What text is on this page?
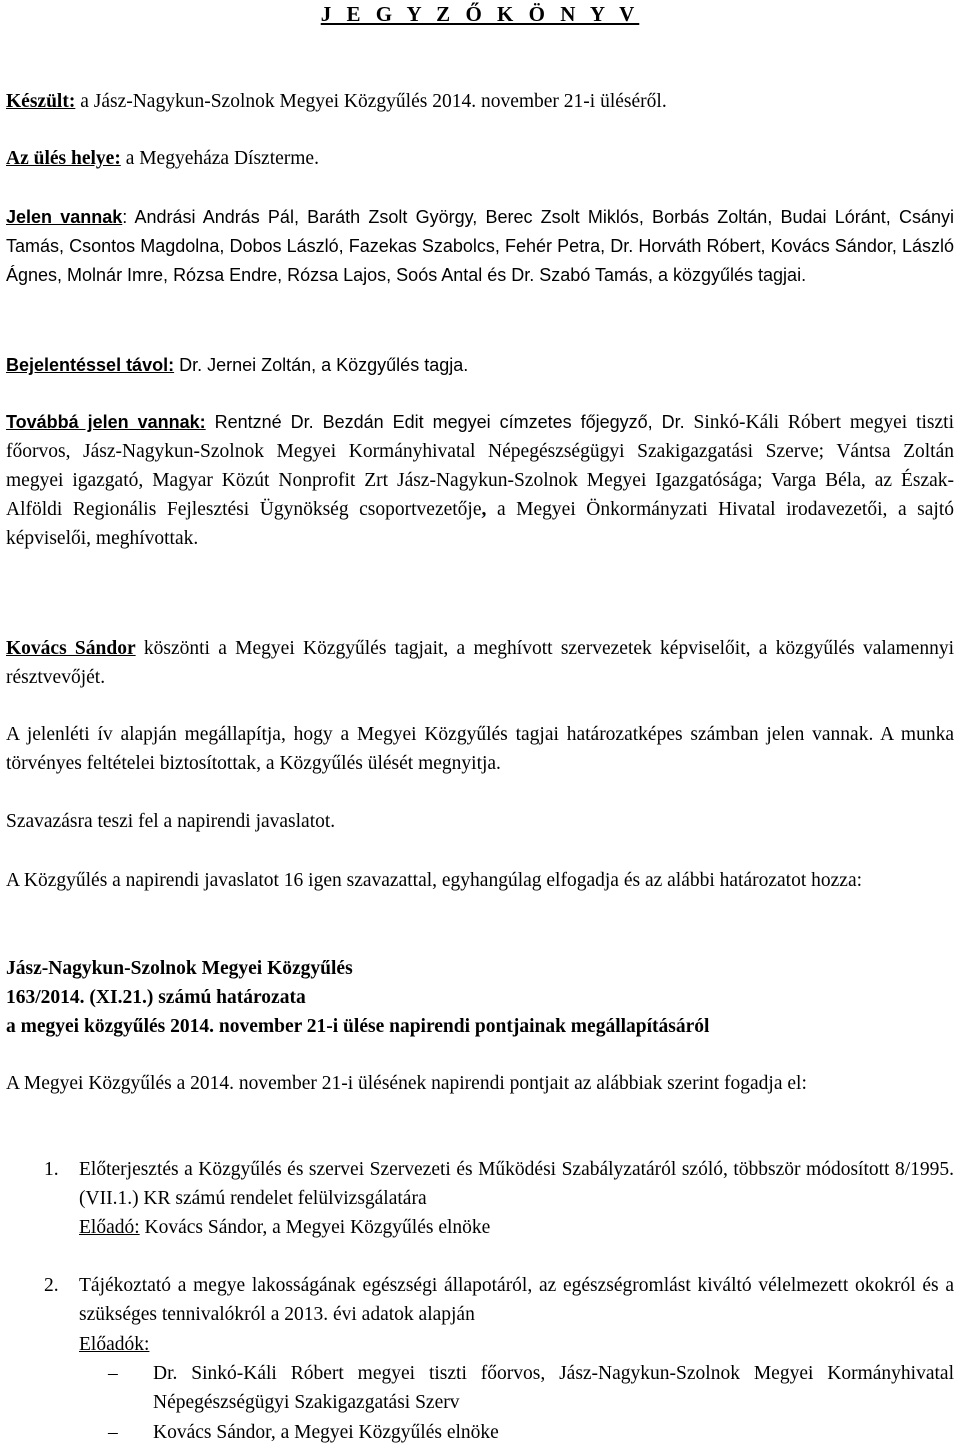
J E G Y Z Ő K Ö N Y V

Készült: a Jász-Nagykun-Szolnok Megyei Közgyűlés 2014. november 21-i üléséről.

Az ülés helye: a Megyeháza Díszterme.

Jelen vannak: Andrási András Pál, Baráth Zsolt György, Berec Zsolt Miklós, Borbás Zoltán, Budai Lóránt, Csányi Tamás, Csontos Magdolna, Dobos László, Fazekas Szabolcs, Fehér Petra, Dr. Horváth Róbert, Kovács Sándor, László Ágnes, Molnár Imre, Rózsa Endre, Rózsa Lajos, Soós Antal és Dr. Szabó Tamás, a közgyűlés tagjai.

Bejelentéssel távol: Dr. Jernei Zoltán, a Közgyűlés tagja.

Továbbá jelen vannak: Rentzné Dr. Bezdán Edit megyei címzetes főjegyző, Dr. Sinkó-Káli Róbert megyei tiszti főorvos, Jász-Nagykun-Szolnok Megyei Kormányhivatal Népegészségügyi Szakigazgatási Szerve; Vántsa Zoltán megyei igazgató, Magyar Közút Nonprofit Zrt Jász-Nagykun-Szolnok Megyei Igazgatósága; Varga Béla, az Észak-Alföldi Regionális Fejlesztési Ügynökség csoportvezetője, a Megyei Önkormányzati Hivatal irodavezetői, a sajtó képviselői, meghívottak.

Kovács Sándor köszönti a Megyei Közgyűlés tagjait, a meghívott szervezetek képviselőit, a közgyűlés valamennyi résztvevőjét.

A jelenléti ív alapján megállapítja, hogy a Megyei Közgyűlés tagjai határozatképes számban jelen vannak. A munka törvényes feltételei biztosítottak, a Közgyűlés ülését megnyitja.

Szavazásra teszi fel a napirendi javaslatot.

A Közgyűlés a napirendi javaslatot 16 igen szavazattal, egyhangúlag elfogadja és az alábbi határozatot hozza:

Jász-Nagykun-Szolnok Megyei Közgyűlés

163/2014. (XI.21.) számú határozata

a megyei közgyűlés 2014. november 21-i ülése napirendi pontjainak megállapításáról

A Megyei Közgyűlés a 2014. november 21-i ülésének napirendi pontjait az alábbiak szerint fogadja el:

1.	Előterjesztés a Közgyűlés és szervei Szervezeti és Működési Szabályzatáról szóló, többször módosított 8/1995. (VII.1.) KR számú rendelet felülvizsgálatára

Előadó: Kovács Sándor, a Megyei Közgyűlés elnöke

2.	Tájékoztató a megye lakosságának egészségi állapotáról, az egészségromlást kiváltó vélelmezett okokról és a szükséges tennivalókról a 2013. évi adatok alapján

Előadók:

–	Dr. Sinkó-Káli Róbert megyei tiszti főorvos, Jász-Nagykun-Szolnok Megyei Kormányhivatal Népegészségügyi Szakigazgatási Szerv

–	Kovács Sándor, a Megyei Közgyűlés elnöke
